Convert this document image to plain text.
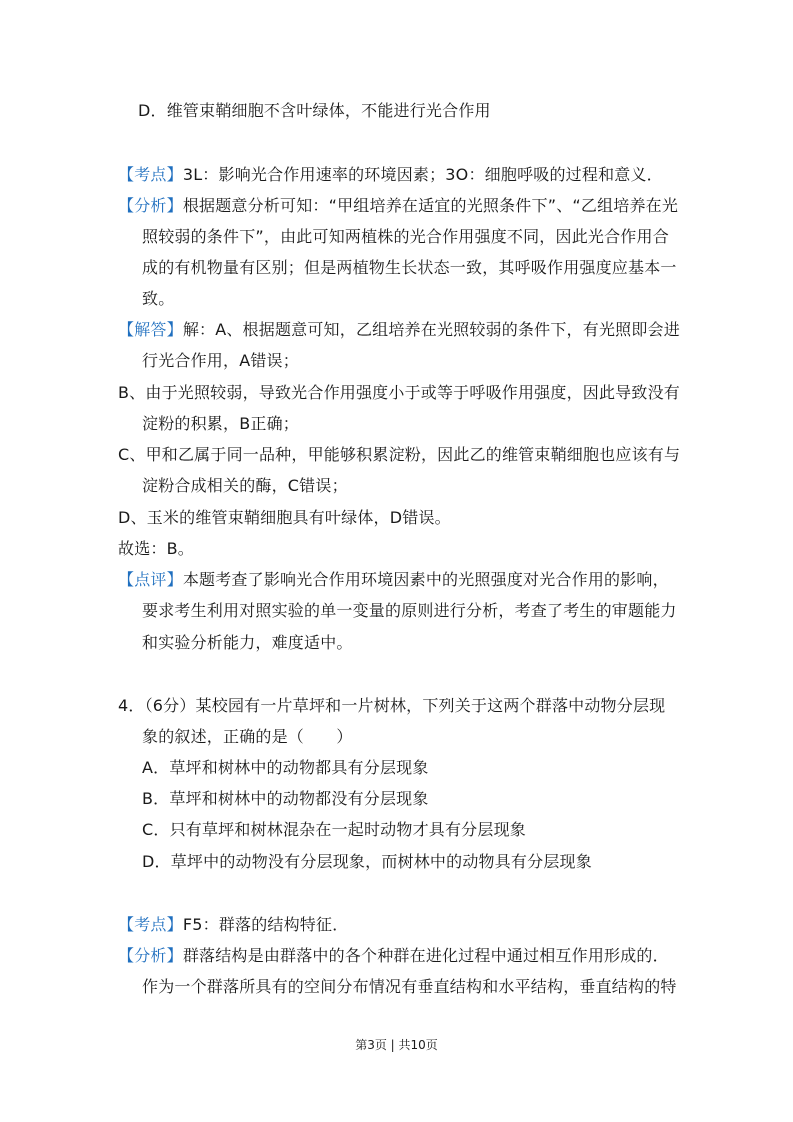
D．维管束鞘细胞不含叶绿体，不能进行光合作用
【考点】3L：影响光合作用速率的环境因素；3O：细胞呼吸的过程和意义．
【分析】根据题意分析可知：“甲组培养在适宜的光照条件下”、“乙组培养在光
照较弱的条件下”，由此可知两植株的光合作用强度不同，因此光合作用合
成的有机物量有区别；但是两植物生长状态一致，其呼吸作用强度应基本一
致。
【解答】解：A、根据题意可知，乙组培养在光照较弱的条件下，有光照即会进
行光合作用，A错误；
B、由于光照较弱，导致光合作用强度小于或等于呼吸作用强度，因此导致没有
淀粉的积累，B正确；
C、甲和乙属于同一品种，甲能够积累淀粉，因此乙的维管束鞘细胞也应该有与
淀粉合成相关的酶，C错误；
D、玉米的维管束鞘细胞具有叶绿体，D错误。
故选：B。
【点评】本题考查了影响光合作用环境因素中的光照强度对光合作用的影响，
要求考生利用对照实验的单一变量的原则进行分析，考查了考生的审题能力
和实验分析能力，难度适中。
4．（6分）某校园有一片草坪和一片树林，下列关于这两个群落中动物分层现
象的叙述，正确的是（　　）
A．草坪和树林中的动物都具有分层现象
B．草坪和树林中的动物都没有分层现象
C．只有草坪和树林混杂在一起时动物才具有分层现象
D．草坪中的动物没有分层现象，而树林中的动物具有分层现象
【考点】F5：群落的结构特征．
【分析】群落结构是由群落中的各个种群在进化过程中通过相互作用形成的．
作为一个群落所具有的空间分布情况有垂直结构和水平结构，垂直结构的特
第3页 | 共10页
